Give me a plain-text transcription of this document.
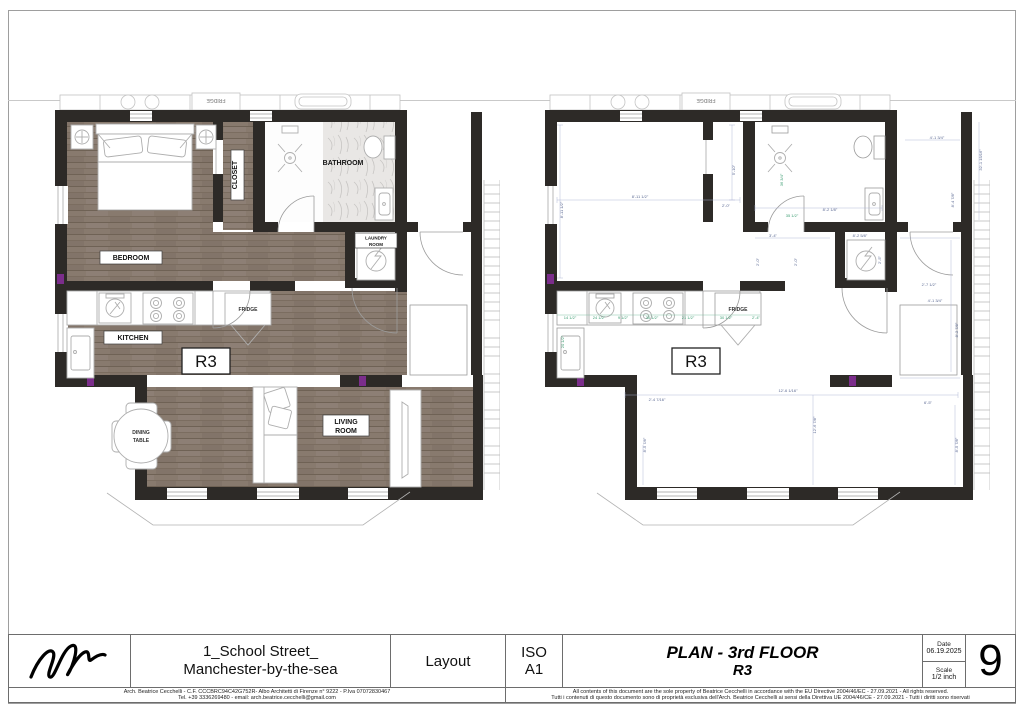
FRIDGE
BEDROOM
CLOSET	BATHROOM
LAUNDRY
ROOM
KITCHEN
FRIDGE
R3
DINING
TABLE
LIVING
ROOM
FRIDGE
FRIDGE
R3
8'-11 1/2"
8'-11 1/2"	2'-0"
5'-10"
8'-2 1/8"
4'-1 3/4"
32'-1 15/16"
8'-4 7/8"
3'-4"
2'-0"	2'-0"
8'-2 5/8"
2'-5"
2'-7 1/2"
8'-2 7/8"
4'-1 3/4"
12'-6 1/16"
12'-6 7/8"
2'-4 7/16"
8'-5 7/8"
6'-5"
8'-5 7/8"
14 1/2"	24 1/2"	9 1/2"	30 1/2"	21 1/2"	30 1/2"	2'-4"
20 1/2"
36 3/4"
35 1/2"
1_School Street_
Manchester-by-the-sea	Layout	ISO
A1
PLAN - 3rd FLOOR
R3
Date
06.19.2025
Scale
1/2 inch 9
Arch. Beatrice Cecchelli - C.F. CCCBRC94C42G752R- Albo Architetti di Firenze n° 9222 - P.Iva 07072830467
Tel. +39 3336269480 - email: arch.beatrice.cecchelli@gmail.com
All contents of this document are the sole property of Beatrice Cecchelli in accordance with the EU Directive 2004/46/EC - 27.09.2021 - All rights reserved.
Tutti i contenuti di questo documento sono di proprietà esclusiva dell'Arch. Beatrice Cecchelli ai sensi della Direttiva UE 2004/46/CE - 27.09.2021 - Tutti i diritti sono riservati
